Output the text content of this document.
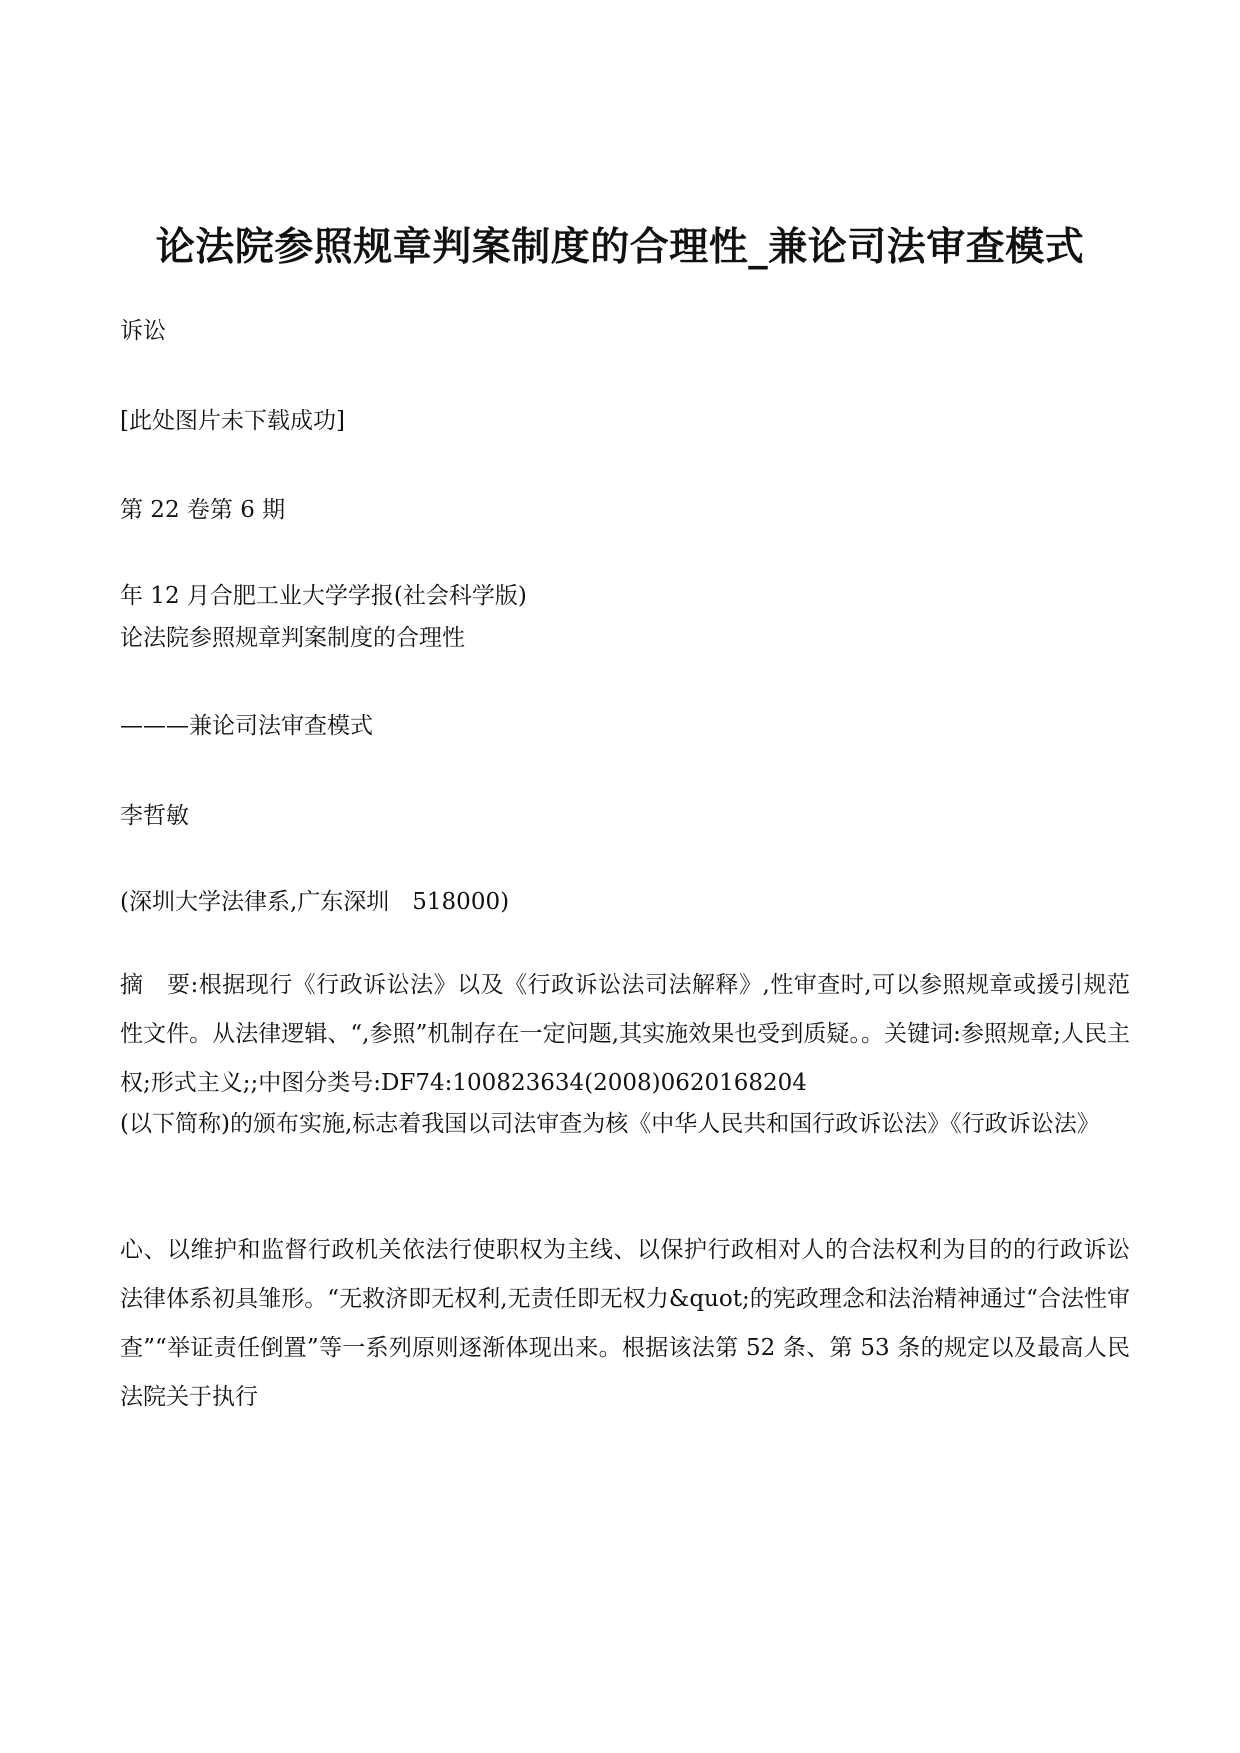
论法院参照规章判案制度的合理性_兼论司法审查模式

诉讼

[此处图片未下载成功]

第 22 卷第 6 期

年 12 月合肥工业大学学报(社会科学版)

论法院参照规章判案制度的合理性

———兼论司法审查模式

李哲敏

(深圳大学法律系,广东深圳　518000)

摘　要:根据现行《行政诉讼法》以及《行政诉讼法司法解释》,性审查时,可以参照规章或援引规范性文件。从法律逻辑、“,参照”机制存在一定问题,其实施效果也受到质疑。。关键词:参照规章;人民主权;形式主义;;中图分类号:DF74:100823634(2008)0620168204

(以下简称)的颁布实施,标志着我国以司法审查为核《中华人民共和国行政诉讼法》《行政诉讼法》

心、以维护和监督行政机关依法行使职权为主线、以保护行政相对人的合法权利为目的的行政诉讼法律体系初具雏形。“无救济即无权利,无责任即无权力&quot;的宪政理念和法治精神通过“合法性审查”“举证责任倒置”等一系列原则逐渐体现出来。根据该法第 52 条、第 53 条的规定以及最高人民法院关于执行
